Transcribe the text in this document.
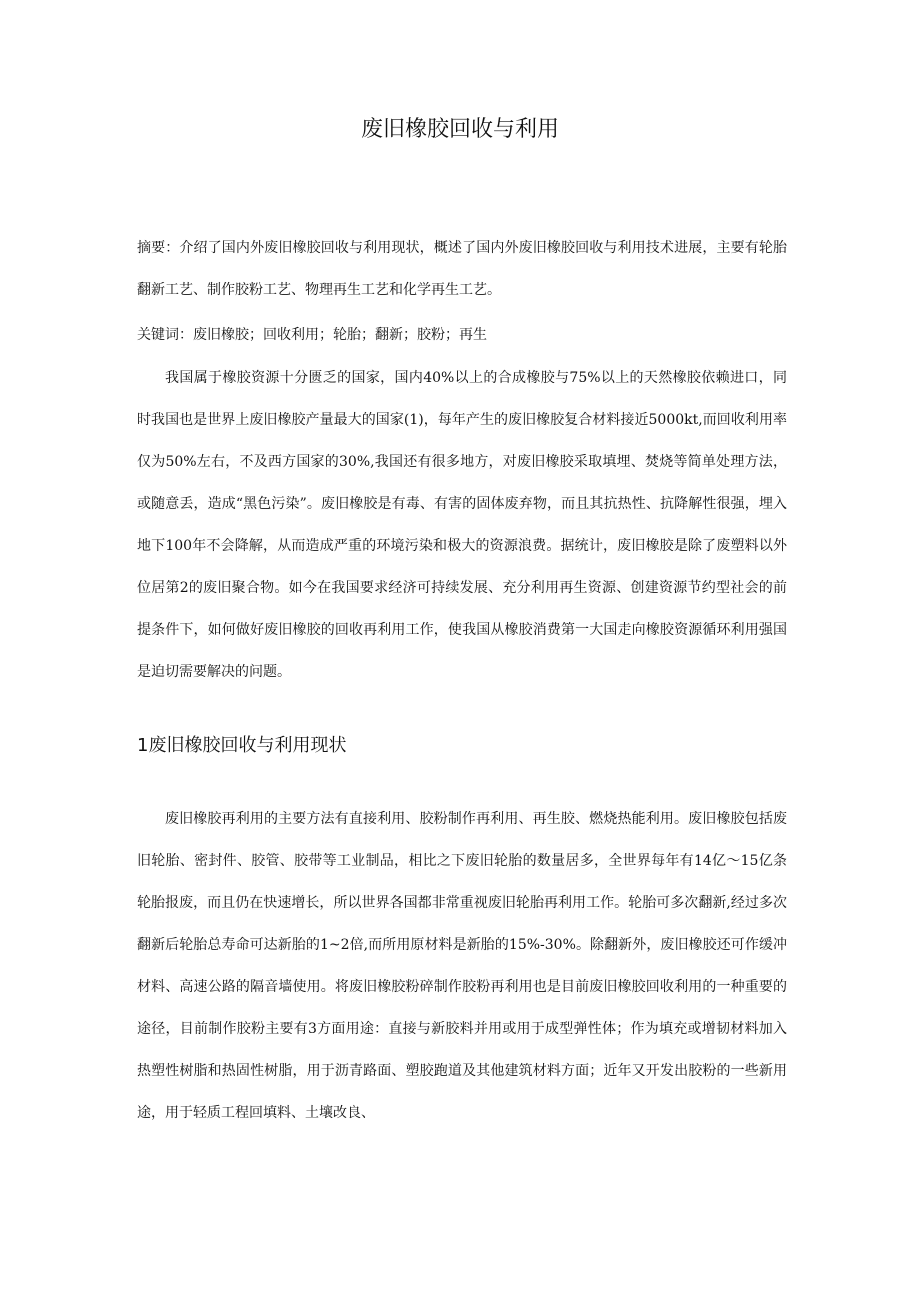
废旧橡胶回收与利用

摘要：介绍了国内外废旧橡胶回收与利用现状，概述了国内外废旧橡胶回收与利用技术进展，主要有轮胎翻新工艺、制作胶粉工艺、物理再生工艺和化学再生工艺。

关键词：废旧橡胶；回收利用；轮胎；翻新；胶粉；再生

我国属于橡胶资源十分匮乏的国家，国内40%以上的合成橡胶与75%以上的天然橡胶依赖进口，同时我国也是世界上废旧橡胶产量最大的国家(1)，每年产生的废旧橡胶复合材料接近5000kt,而回收利用率仅为50%左右，不及西方国家的30%,我国还有很多地方，对废旧橡胶采取填埋、焚烧等简单处理方法，或随意丢，造成“黑色污染”。废旧橡胶是有毒、有害的固体废弃物，而且其抗热性、抗降解性很强，埋入地下100年不会降解，从而造成严重的环境污染和极大的资源浪费。据统计，废旧橡胶是除了废塑料以外位居第2的废旧聚合物。如今在我国要求经济可持续发展、充分利用再生资源、创建资源节约型社会的前提条件下，如何做好废旧橡胶的回收再利用工作，使我国从橡胶消费第一大国走向橡胶资源循环利用强国是迫切需要解决的问题。

1废旧橡胶回收与利用现状

废旧橡胶再利用的主要方法有直接利用、胶粉制作再利用、再生胶、燃烧热能利用。废旧橡胶包括废旧轮胎、密封件、胶管、胶带等工业制品，相比之下废旧轮胎的数量居多，全世界每年有14亿～15亿条轮胎报废，而且仍在快速增长，所以世界各国都非常重视废旧轮胎再利用工作。轮胎可多次翻新,经过多次翻新后轮胎总寿命可达新胎的1~2倍,而所用原材料是新胎的15%-30%。除翻新外，废旧橡胶还可作缓冲材料、高速公路的隔音墙使用。将废旧橡胶粉碎制作胶粉再利用也是目前废旧橡胶回收利用的一种重要的途径，目前制作胶粉主要有3方面用途：直接与新胶料并用或用于成型弹性体；作为填充或增韧材料加入热塑性树脂和热固性树脂，用于沥青路面、塑胶跑道及其他建筑材料方面；近年又开发出胶粉的一些新用途，用于轻质工程回填料、土壤改良、
